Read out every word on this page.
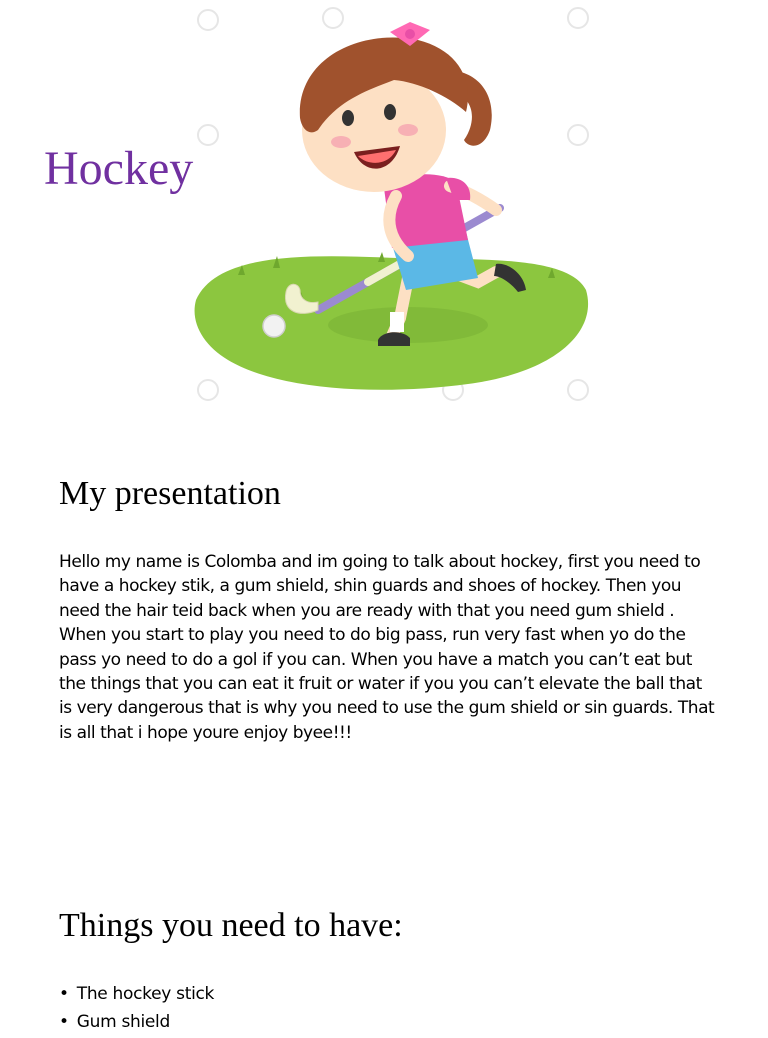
Hockey
My presentation

Hello my name is Colomba and im going to talk about hockey, first you need to have a hockey stik, a gum shield, shin guards and shoes of hockey. Then you need the hair teid back when you are ready with that you need gum shield . When you start to play you need to do big pass, run very fast when yo do the pass yo need to do a gol if you can. When you have a match you can’t eat but the things that you can eat it fruit or water if you you can’t elevate the ball that is very dangerous that is why you need to use the gum shield or sin guards. That is all that i hope youre enjoy byee!!!

Things you need to have:
• The hockey stick
• Gum shield
